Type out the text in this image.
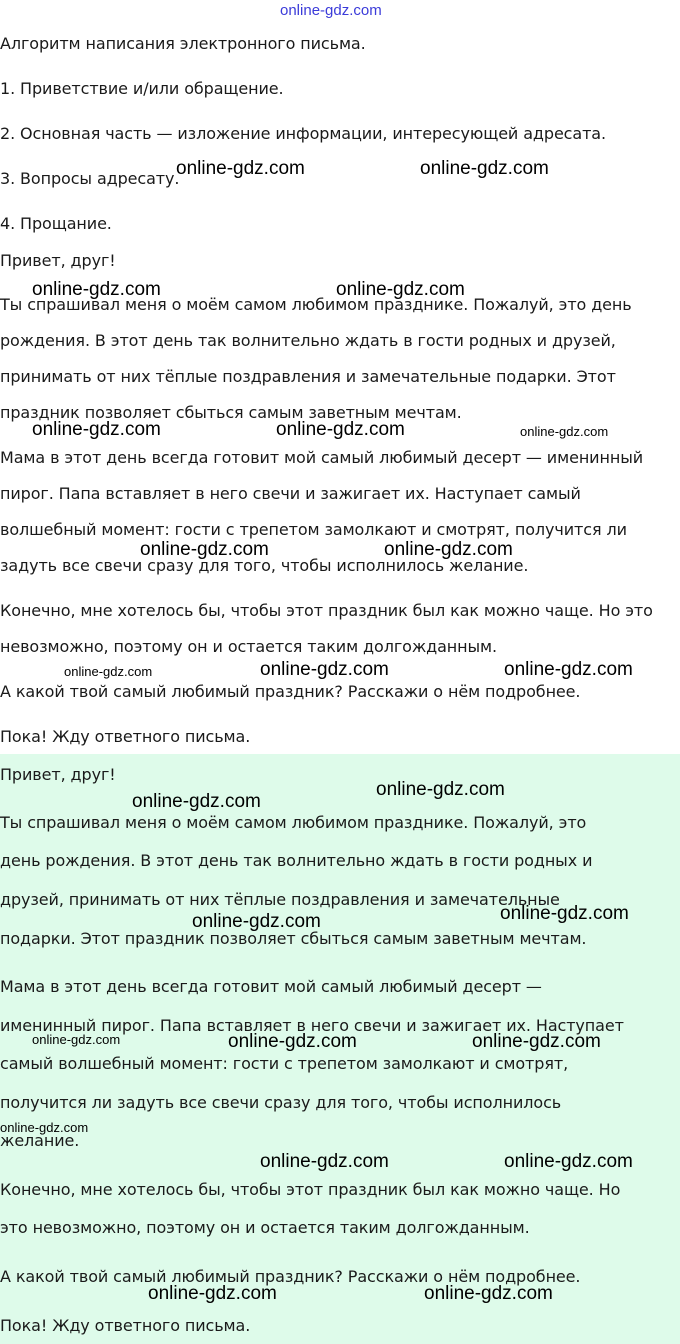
online-gdz.com

Алгоритм написания электронного письма.

1. Приветствие и/или обращение.

2. Основная часть — изложение информации, интересующей адресата.

3. Вопросы адресату.

4. Прощание.

Привет, друг!

Ты спрашивал меня о моём самом любимом празднике. Пожалуй, это день

рождения. В этот день так волнительно ждать в гости родных и друзей,

принимать от них тёплые поздравления и замечательные подарки. Этот

праздник позволяет сбыться самым заветным мечтам.

Мама в этот день всегда готовит мой самый любимый десерт — именинный

пирог. Папа вставляет в него свечи и зажигает их. Наступает самый

волшебный момент: гости с трепетом замолкают и смотрят, получится ли

задуть все свечи сразу для того, чтобы исполнилось желание.

Конечно, мне хотелось бы, чтобы этот праздник был как можно чаще. Но это

невозможно, поэтому он и остается таким долгожданным.

А какой твой самый любимый праздник? Расскажи о нём подробнее.

Пока! Жду ответного письма.

Привет, друг!

Ты спрашивал меня о моём самом любимом празднике. Пожалуй, это

день рождения. В этот день так волнительно ждать в гости родных и

друзей, принимать от них тёплые поздравления и замечательные

подарки. Этот праздник позволяет сбыться самым заветным мечтам.

Мама в этот день всегда готовит мой самый любимый десерт —

именинный пирог. Папа вставляет в него свечи и зажигает их. Наступает

самый волшебный момент: гости с трепетом замолкают и смотрят,

получится ли задуть все свечи сразу для того, чтобы исполнилось

желание.

Конечно, мне хотелось бы, чтобы этот праздник был как можно чаще. Но

это невозможно, поэтому он и остается таким долгожданным.

А какой твой самый любимый праздник? Расскажи о нём подробнее.

Пока! Жду ответного письма.

online-gdz.com	online-gdz.com
online-gdz.com	online-gdz.com
online-gdz.com	online-gdz.com	online-gdz.com
online-gdz.com	online-gdz.com
online-gdz.com	online-gdz.com	online-gdz.com
online-gdz.com
online-gdz.com
online-gdz.com
online-gdz.com
online-gdz.com	online-gdz.com	online-gdz.com
online-gdz.com
online-gdz.com	online-gdz.com
online-gdz.com	online-gdz.com
